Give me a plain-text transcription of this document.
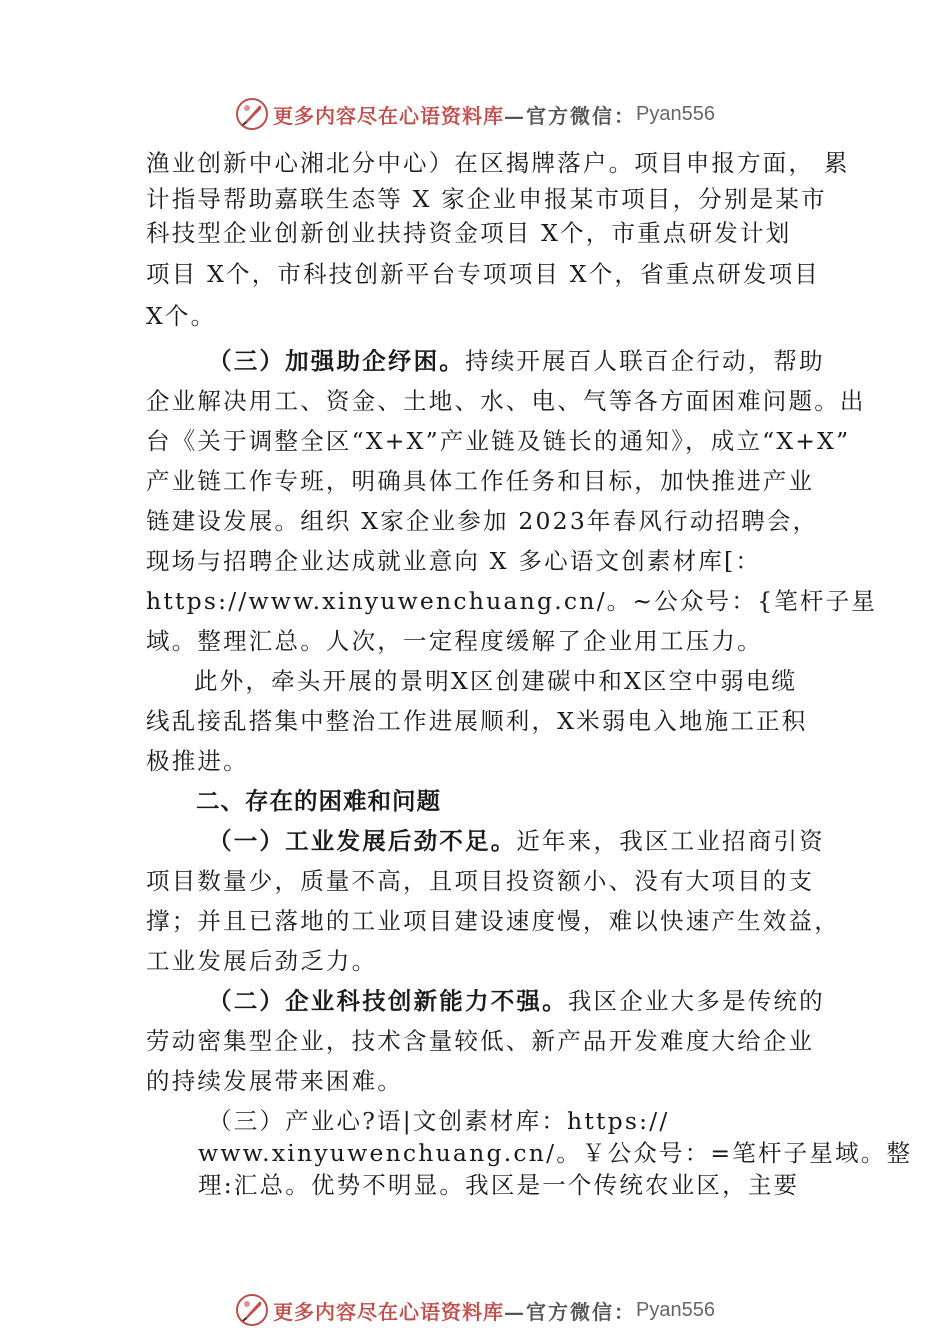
更多内容尽在心语资料库 —官方微信： Pyan556
渔业创新中心湘北分中心）在区揭牌落户。项目申报方面， 累
计指导帮助嘉联生态等 X 家企业申报某市项目，分别是某市
科技型企业创新创业扶持资金项目 X个，市重点研发计划
项目 X个，市科技创新平台专项项目 X个，省重点研发项目
X个。
（三）加强助企纾困。持续开展百人联百企行动，帮助
企业解决用工、资金、土地、水、电、气等各方面困难问题。出
台《关于调整全区“X+X”产业链及链长的通知》，成立“X+X”
产业链工作专班，明确具体工作任务和目标，加快推进产业
链建设发展。组织 X家企业参加 2023年春风行动招聘会，
现场与招聘企业达成就业意向 X 多心语文创素材库[：
https://www.xinyuwenchuang.cn/。~公众号：{笔杆子星
域。整理汇总。人次，一定程度缓解了企业用工压力。
此外，牵头开展的景明X区创建碳中和X区空中弱电缆
线乱接乱搭集中整治工作进展顺利，X米弱电入地施工正积
极推进。
二、存在的困难和问题
（一）工业发展后劲不足。近年来，我区工业招商引资
项目数量少，质量不高，且项目投资额小、没有大项目的支
撑；并且已落地的工业项目建设速度慢，难以快速产生效益，
工业发展后劲乏力。
（二）企业科技创新能力不强。我区企业大多是传统的
劳动密集型企业，技术含量较低、新产品开发难度大给企业
的持续发展带来困难。
（三）产业心?语|文创素材库：https://
www.xinyuwenchuang.cn/。￥公众号：=笔杆子星域。整
理:汇总。优势不明显。我区是一个传统农业区，主要
更多内容尽在心语资料库 —官方微信： Pyan556
